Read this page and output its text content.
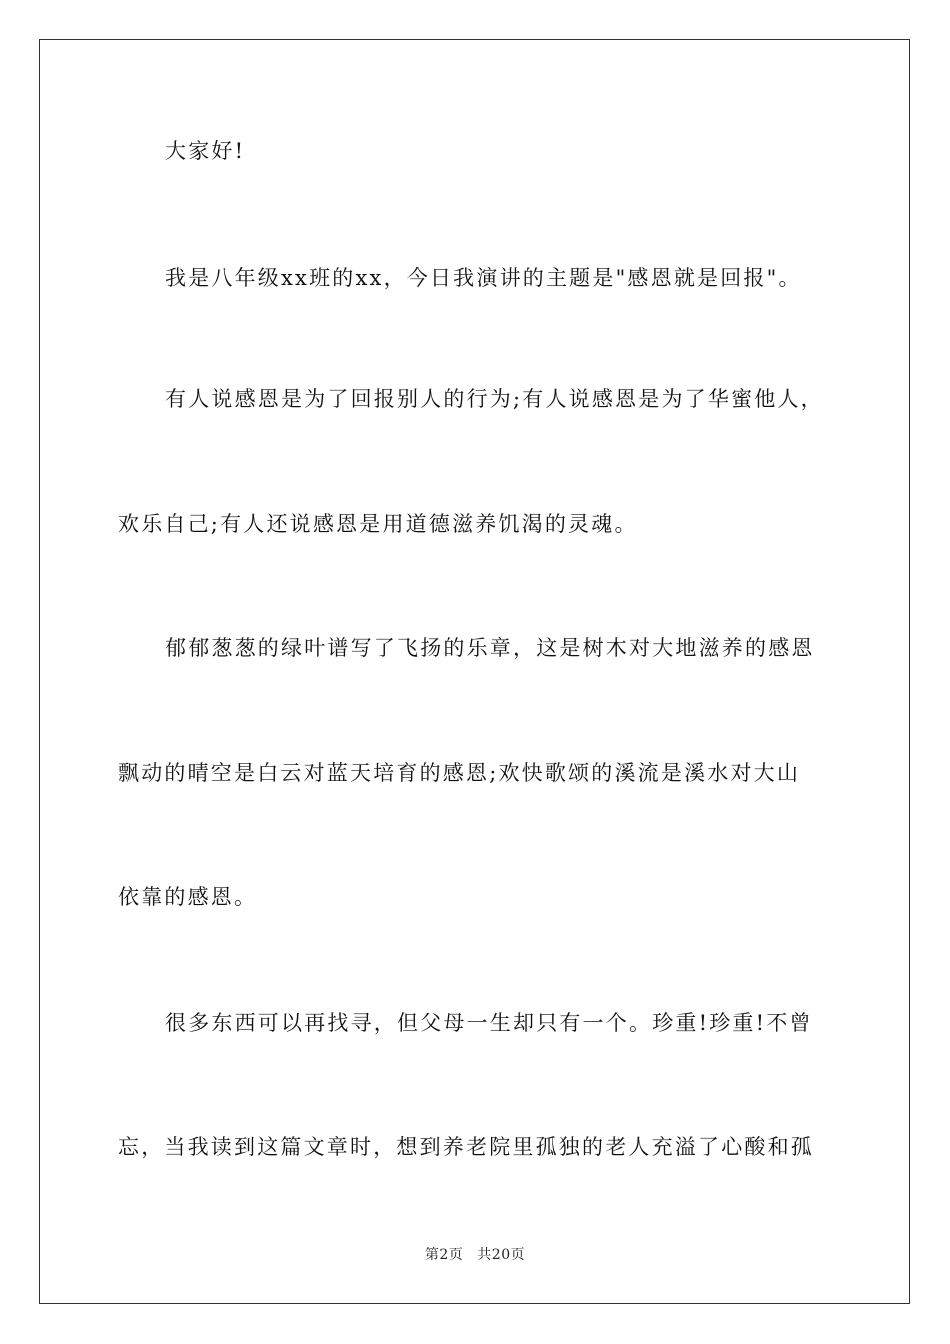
大家好!
我是八年级xx班的xx，今日我演讲的主题是"感恩就是回报"。
有人说感恩是为了回报别人的行为;有人说感恩是为了华蜜他人，
欢乐自己;有人还说感恩是用道德滋养饥渴的灵魂。
郁郁葱葱的绿叶谱写了飞扬的乐章，这是树木对大地滋养的感恩
飘动的晴空是白云对蓝天培育的感恩;欢快歌颂的溪流是溪水对大山
依靠的感恩。
很多东西可以再找寻，但父母一生却只有一个。珍重!珍重!不曾
忘，当我读到这篇文章时，想到养老院里孤独的老人充溢了心酸和孤
第2页 共20页
